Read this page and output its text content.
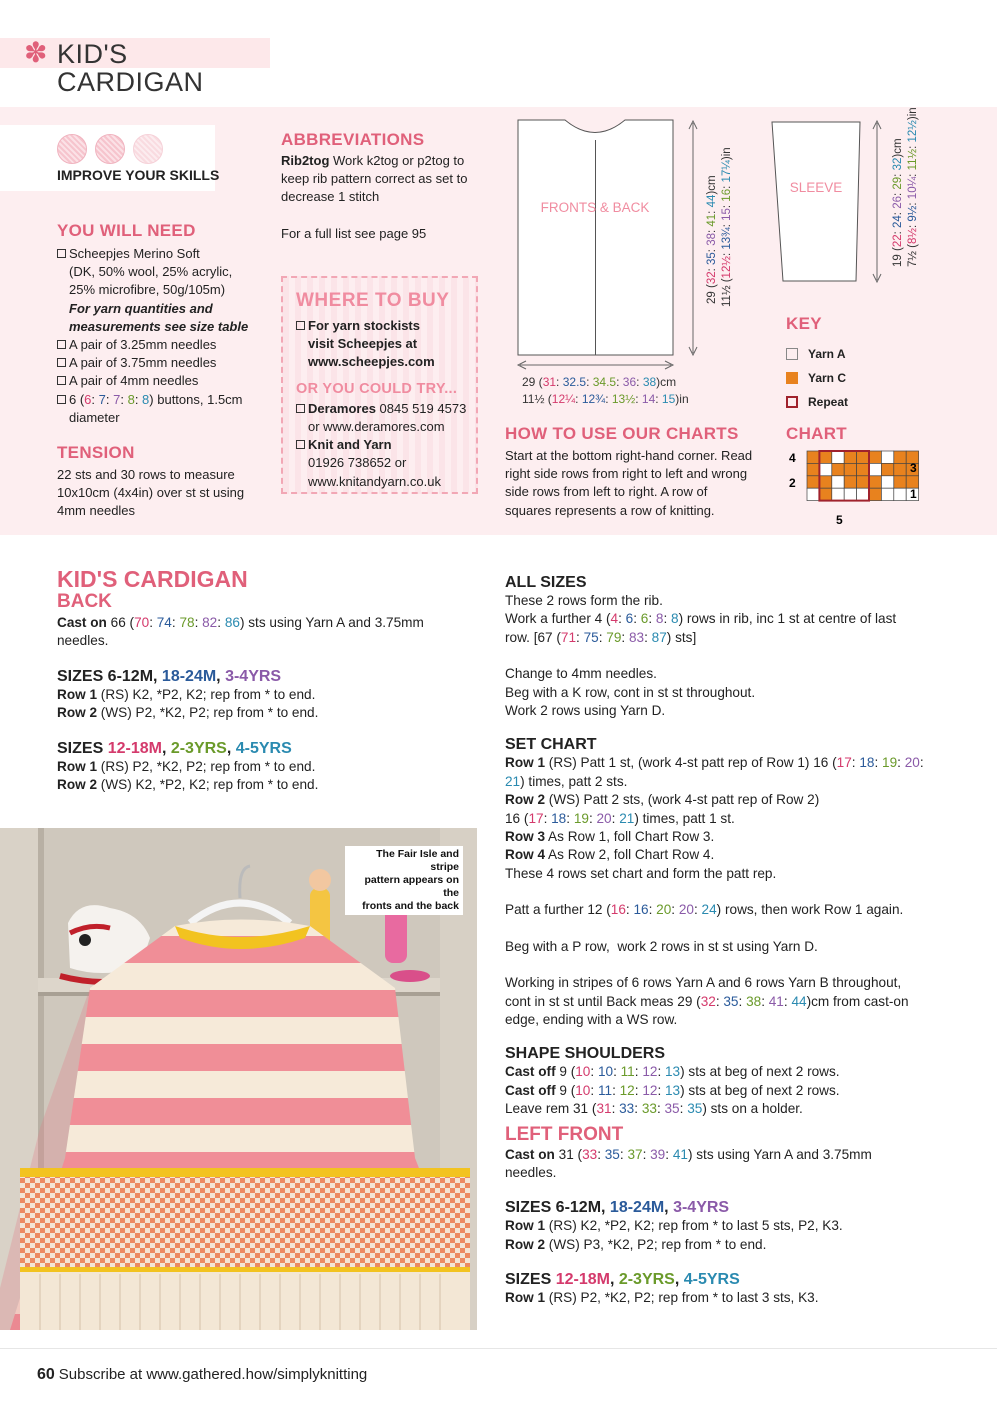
✽ KID'S CARDIGAN
IMPROVE YOUR SKILLS
YOU WILL NEED
Scheepjes Merino Soft
(DK, 50% wool, 25% acrylic,
25% microfibre, 50g/105m)
For yarn quantities and
measurements see size table
A pair of 3.25mm needles
A pair of 3.75mm needles
A pair of 4mm needles
6 (6: 7: 7: 8: 8) buttons, 1.5cm
diameter
TENSION
22 sts and 30 rows to measure
10x10cm (4x4in) over st st using
4mm needles
ABBREVIATIONS
Rib2tog Work k2tog or p2tog to
keep rib pattern correct as set to
decrease 1 stitch
For a full list see page 95
WHERE TO BUY
For yarn stockists
visit Scheepjes at
www.scheepjes.com
OR YOU COULD TRY...
Deramores 0845 519 4573
or www.deramores.com
Knit and Yarn
01926 738652 or
www.knitandyarn.co.uk
FRONTS & BACK
SLEEVE
29 (32: 35: 38: 41: 44)cm
11½ (12½: 13¾: 15: 16: 17¼)in
19 (22: 24: 26: 29: 32)cm
7½ (8½: 9½: 10¼: 11½: 12½)in
29 (31: 32.5: 34.5: 36: 38)cm
11½ (12¼: 12¾: 13½: 14: 15)in
KEY
Yarn A
Yarn C
Repeat
HOW TO USE OUR CHARTS
Start at the bottom right-hand corner. Read
right side rows from right to left and wrong
side rows from left to right. A row of
squares represents a row of knitting.
CHART
4
2
3
1
5
KID'S CARDIGAN
BACK
Cast on 66 (70: 74: 78: 82: 86) sts using Yarn A and 3.75mm
needles.
SIZES 6-12M, 18-24M, 3-4YRS
Row 1 (RS) K2, *P2, K2; rep from * to end.
Row 2 (WS) P2, *K2, P2; rep from * to end.
SIZES 12-18M, 2-3YRS, 4-5YRS
Row 1 (RS) P2, *K2, P2; rep from * to end.
Row 2 (WS) K2, *P2, K2; rep from * to end.
The Fair Isle and stripe
pattern appears on the
fronts and the back
ALL SIZES
These 2 rows form the rib.
Work a further 4 (4: 6: 6: 8: 8) rows in rib, inc 1 st at centre of last
row. [67 (71: 75: 79: 83: 87) sts]
Change to 4mm needles.
Beg with a K row, cont in st st throughout.
Work 2 rows using Yarn D.
SET CHART
Row 1 (RS) Patt 1 st, (work 4-st patt rep of Row 1) 16 (17: 18: 19: 20:
21) times, patt 2 sts.
Row 2 (WS) Patt 2 sts, (work 4-st patt rep of Row 2)
16 (17: 18: 19: 20: 21) times, patt 1 st.
Row 3 As Row 1, foll Chart Row 3.
Row 4 As Row 2, foll Chart Row 4.
These 4 rows set chart and form the patt rep.
Patt a further 12 (16: 16: 20: 20: 24) rows, then work Row 1 again.
Beg with a P row,  work 2 rows in st st using Yarn D.
Working in stripes of 6 rows Yarn A and 6 rows Yarn B throughout,
cont in st st until Back meas 29 (32: 35: 38: 41: 44)cm from cast-on
edge, ending with a WS row.
SHAPE SHOULDERS
Cast off 9 (10: 10: 11: 12: 13) sts at beg of next 2 rows.
Cast off 9 (10: 11: 12: 12: 13) sts at beg of next 2 rows.
Leave rem 31 (31: 33: 33: 35: 35) sts on a holder.
LEFT FRONT
Cast on 31 (33: 35: 37: 39: 41) sts using Yarn A and 3.75mm
needles.
SIZES 6-12M, 18-24M, 3-4YRS
Row 1 (RS) K2, *P2, K2; rep from * to last 5 sts, P2, K3.
Row 2 (WS) P3, *K2, P2; rep from * to end.
SIZES 12-18M, 2-3YRS, 4-5YRS
Row 1 (RS) P2, *K2, P2; rep from * to last 3 sts, K3.
60 Subscribe at www.gathered.how/simplyknitting
